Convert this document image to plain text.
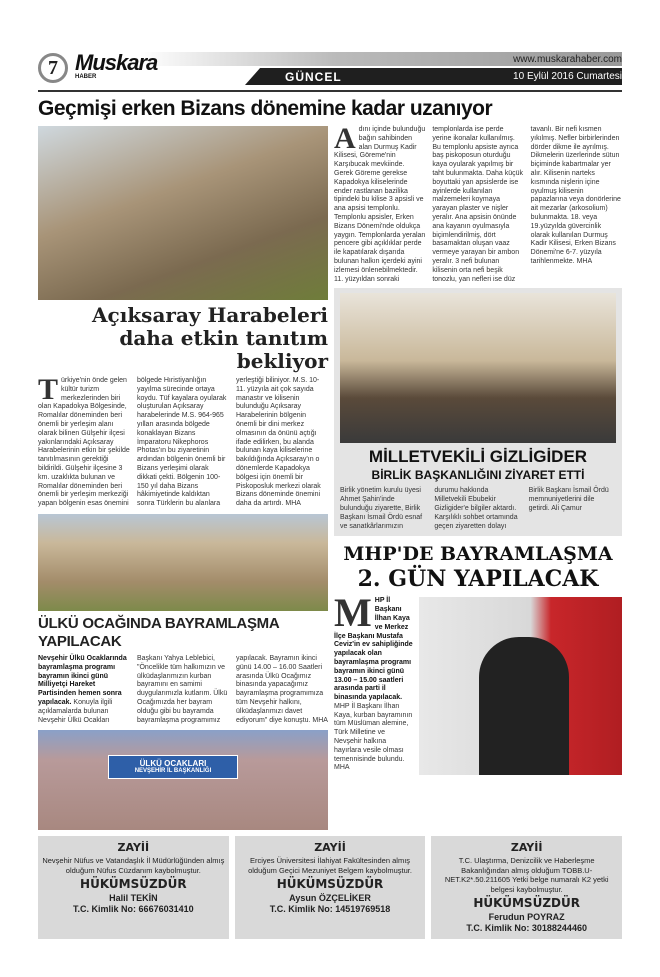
7 Muskara
HABER	GÜNCEL
www.muskarahaber.com
10 Eylül 2016 Cumartesi
Geçmişi erken Bizans dönemine kadar uzanıyor
Açıksaray Harabeleri
daha etkin tanıtım bekliyor
Türkiye'nin önde gelen kültür turizm merkezlerinden biri olan Kapadokya Bölgesinde, Romalılar döneminden beri önemli bir yerleşim alanı olarak bilinen Gülşehir ilçesi yakınlarındaki Açıksaray Harabelerinin etkin bir şekilde tanıtılmasının gerektiği bildirildi. Gülşehir ilçesine 3 km. uzaklıkta bulunan ve Romalılar döneminden beri önemli bir yerleşim merkeziği yapan bölgenin esas önemini bölgede Hıristiyanlığın yayılma sürecinde ortaya koydu. Tüf kayalara oyularak oluşturulan Açıksaray harabelerinde M.S. 964-965 yılları arasında bölgede konaklayan Bizans İmparatoru Nikephoros Photas'ın bu ziyaretinin ardından bölgenin önemli bir Bizans yerleşimi olarak dikkati çekti. Bölgenin 100-150 yıl daha Bizans hâkimiyetinde kaldıktan sonra Türklerin bu alanlara yerleştiği biliniyor. M.S. 10-11. yüzyıla ait çok sayıda manastır ve kilisenin bulunduğu Açıksaray Harabelerinin bölgenin önemli bir dini merkez olmasının da önünü açtığı ifade edilirken, bu alanda bulunan kaya kiliselerine bakıldığında Açıksaray'ın o dönemlerde Kapadokya bölgesi için önemli bir Piskoposluk merkezi olarak Bizans döneminde önemini daha da artırdı. MHA
ÜLKÜ OCAĞINDA BAYRAMLAŞMA YAPILACAK
Nevşehir Ülkü Ocaklarında bayramlaşma programı bayramın ikinci günü Milliyetçi Hareket Partisinden hemen sonra yapılacak. Konuyla ilgili açıklamalarda bulunan Nevşehir Ülkü Ocakları Başkanı Yahya Leblebici, "Öncelikle tüm halkımızın ve ülküdaşlarımızın kurban bayramını en samimi duygularımızla kutlarım. Ülkü Ocağımızda her bayram olduğu gibi bu bayramda bayramlaşma programımız yapılacak. Bayramın ikinci günü 14.00 – 16.00 Saatleri arasında Ülkü Ocağımız binasında yapacağımız bayramlaşma programımıza tüm Nevşehir halkını, ülküdaşlarımızı davet ediyorum" diye konuştu. MHA
ÜLKÜ OCAKLARI
NEVŞEHİR İL BAŞKANLIĞI
Adını içinde bulunduğu bağın sahibinden alan Durmuş Kadir Kilisesi, Göreme'nin Karşıbucak mevkiinde. Gerek Göreme gerekse Kapadokya kiliselerinde ender rastlanan bazilika tipindeki bu kilise 3 apsisli ve ana apsisi templonlu. Templonlu apsisler, Erken Bizans Dönemi'nde oldukça yaygın. Templonlarda yeralan pencere gibi açıklıklar perde ile kapatılarak dışarıda bulunan halkın içerdeki ayini izlemesi önlenebilmektedir. 11. yüzyıldan sonraki templonlarda ise perde yerine ikonalar kullanılmış. Bu templonlu apsiste ayrıca baş piskoposun oturduğu kaya oyularak yapılmış bir taht bulunmakta. Daha küçük boyuttaki yan apsislerde ise ayinlerde kullanılan malzemeleri koymaya yarayan plaster ve nişler yeralır. Ana apsisin önünde ana kayanın oyulmasıyla biçimlendirilmiş, dört basamaktan oluşan vaaz vermeye yarayan bir ambon yeralır. 3 nefi bulunan kilisenin orta nefi beşik tonozlu, yan nefleri ise düz tavanlı. Bir nefi kısmen yıkılmış. Nefler birbirlerinden dörder dikme ile ayrılmış. Dikmelerin üzerlerinde sütun biçiminde kabartmalar yer alır. Kilisenin narteks kısmında nişlerin içine oyulmuş kilisenin papazlarına veya donörlerine ait mezarlar (arkosolium) bulunmakta. 18. veya 19.yüzyılda güvercinlik olarak kullanılan Durmuş Kadir Kilisesi, Erken Bizans Dönemi'ne 6-7. yüzyıla tarihlenmekte. MHA
MİLLETVEKİLİ GİZLİGİDER
BİRLİK BAŞKANLIĞINI ZİYARET ETTİ
Birlik yönetim kurulu üyesi Ahmet Şahin'inde bulunduğu ziyarette, Birlik Başkanı İsmail Ördü esnaf ve sanatkârlarımızın durumu hakkında Milletvekili Ebubekir Gizligider'e bilgiler aktardı. Karşılıklı sohbet ortamında geçen ziyaretten dolayı Birlik Başkanı İsmail Ördü memnuniyetlerini dile getirdi. Ali Çamur
MHP'DE BAYRAMLAŞMA
2. GÜN YAPILACAK
MHP İl Başkanı İlhan Kaya ve Merkez İlçe Başkanı Mustafa Ceviz'in ev sahipliğinde yapılacak olan bayramlaşma programı bayramın ikinci günü 13.00 – 15.00 saatleri arasında parti il binasında yapılacak. MHP İl Başkanı İlhan Kaya, kurban bayramının tüm Müslüman alemine, Türk Milletine ve Nevşehir halkına hayırlara vesile olması temennisinde bulundu. MHA
ZAYİİ
Nevşehir Nüfus ve Vatandaşlık İl Müdürlüğünden almış olduğum Nüfus Cüzdanım kaybolmuştur.
HÜKÜMSÜZDÜR
Halil TEKİN
T.C. Kimlik No: 66676031410
ZAYİİ
Erciyes Üniversitesi İlahiyat Fakültesinden almış olduğum Geçici Mezuniyet Belgem kaybolmuştur.
HÜKÜMSÜZDÜR
Aysun ÖZÇELİKER
T.C. Kimlik No: 14519769518
ZAYİİ
T.C. Ulaştırma, Denizcilik ve Haberleşme Bakanlığından almış olduğum TOBB.U-NET.K2*.50.211605 Yetki belge numaralı K2 yetki belgesi kaybolmuştur.
HÜKÜMSÜZDÜR
Ferudun POYRAZ
T.C. Kimlik No: 30188244460
